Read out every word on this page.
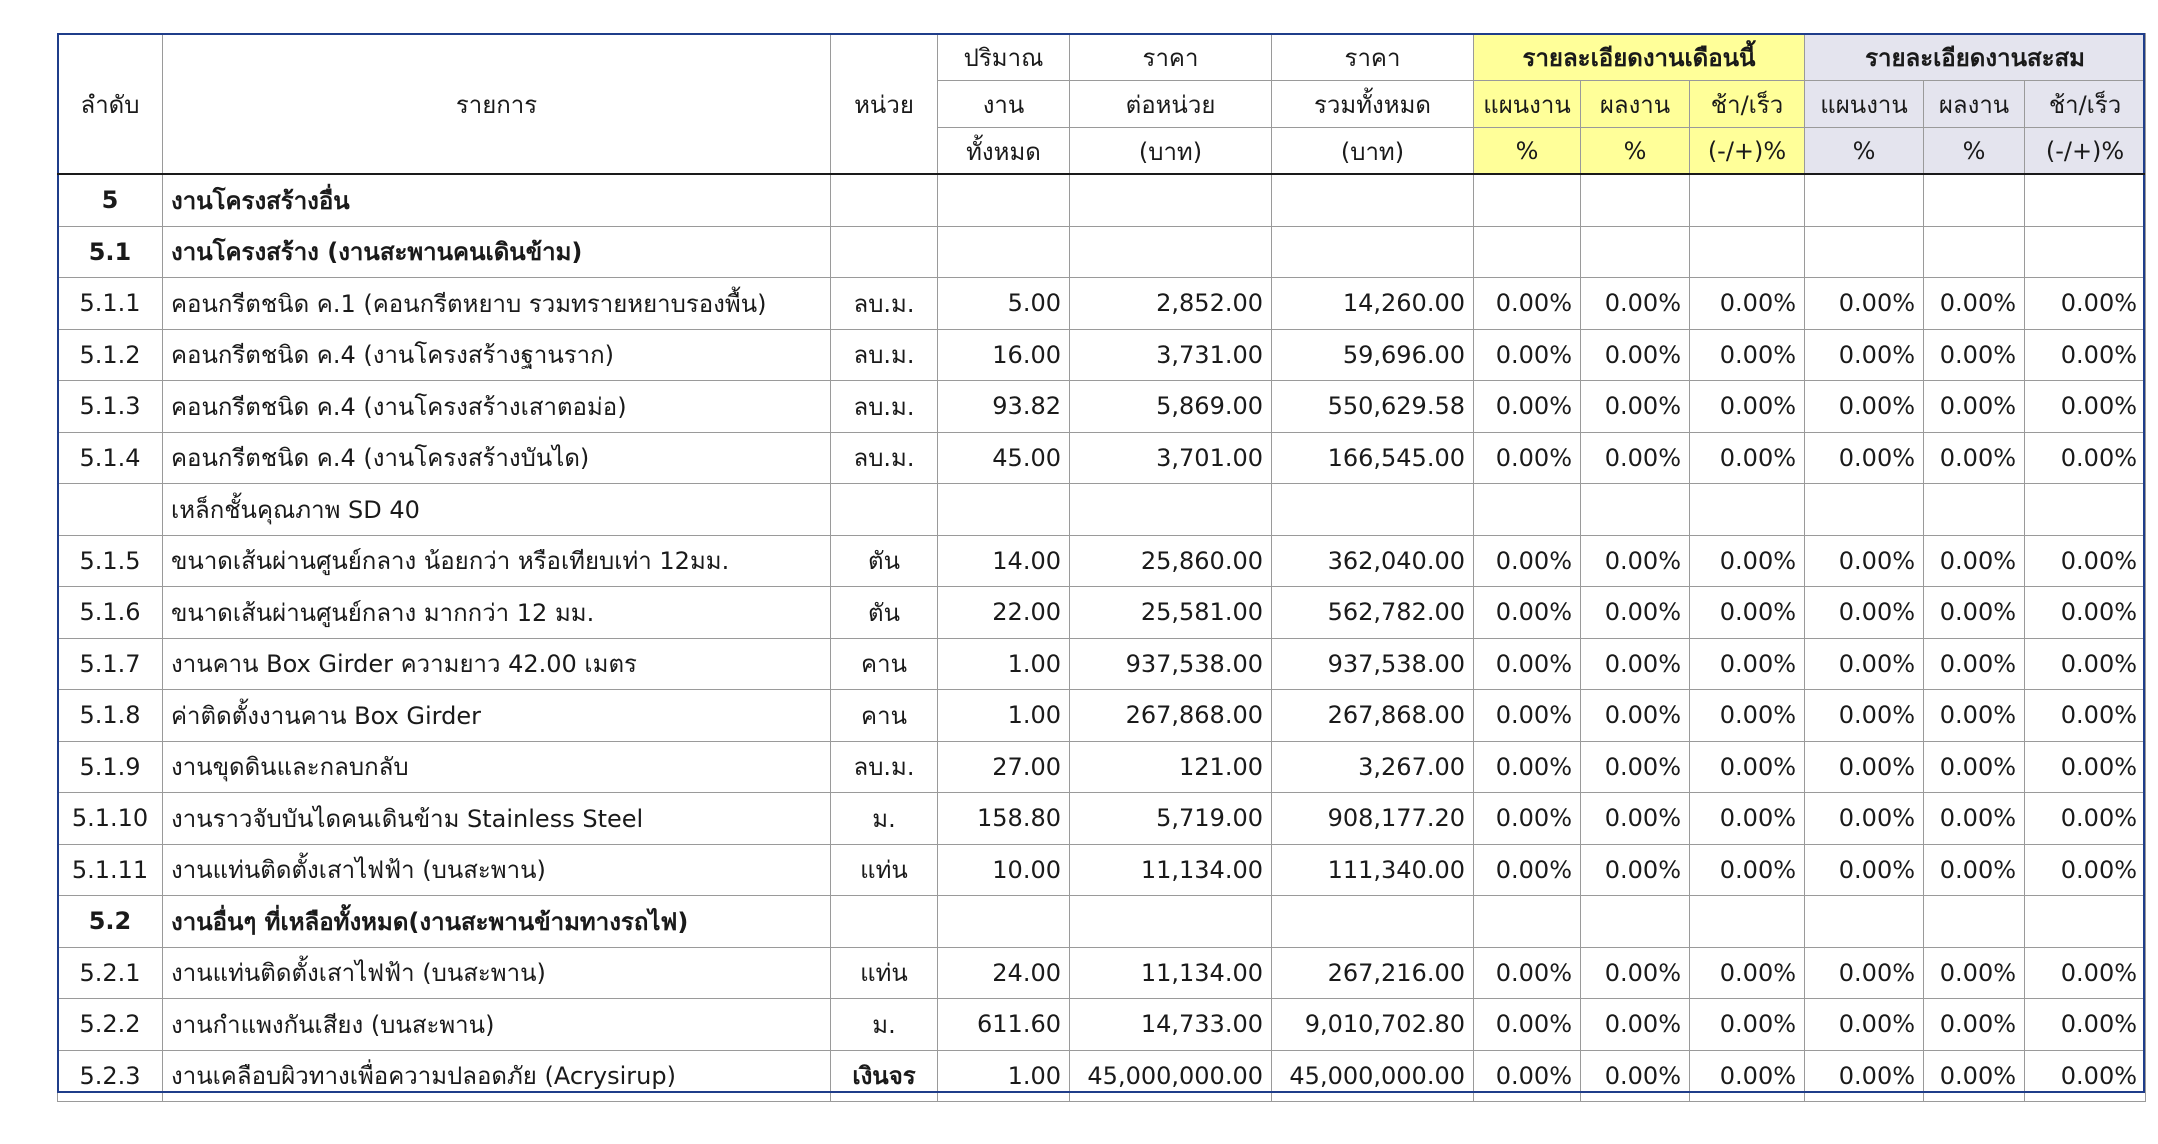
ลำดับ	รายการ	หน่วย	ปริมาณ	ราคา	ราคา	รายละเอียดงานเดือนนี้			รายละเอียดงานสะสม		
			งาน	ต่อหน่วย	รวมทั้งหมด	แผนงาน	ผลงาน	ช้า/เร็ว	แผนงาน	ผลงาน	ช้า/เร็ว
			ทั้งหมด	(บาท)	(บาท)	%	%	(-/+)%	%	%	(-/+)%
5	งานโครงสร้างอื่น										
5.1	งานโครงสร้าง (งานสะพานคนเดินข้าม)										
5.1.1	คอนกรีตชนิด ค.1 (คอนกรีตหยาบ รวมทรายหยาบรองพื้น)	ลบ.ม.	5.00	2,852.00	14,260.00	0.00%	0.00%	0.00%	0.00%	0.00%	0.00%
5.1.2	คอนกรีตชนิด ค.4 (งานโครงสร้างฐานราก)	ลบ.ม.	16.00	3,731.00	59,696.00	0.00%	0.00%	0.00%	0.00%	0.00%	0.00%
5.1.3	คอนกรีตชนิด ค.4 (งานโครงสร้างเสาตอม่อ)	ลบ.ม.	93.82	5,869.00	550,629.58	0.00%	0.00%	0.00%	0.00%	0.00%	0.00%
5.1.4	คอนกรีตชนิด ค.4 (งานโครงสร้างบันได)	ลบ.ม.	45.00	3,701.00	166,545.00	0.00%	0.00%	0.00%	0.00%	0.00%	0.00%
	เหล็กชั้นคุณภาพ SD 40										
5.1.5	ขนาดเส้นผ่านศูนย์กลาง น้อยกว่า หรือเทียบเท่า 12มม.	ตัน	14.00	25,860.00	362,040.00	0.00%	0.00%	0.00%	0.00%	0.00%	0.00%
5.1.6	ขนาดเส้นผ่านศูนย์กลาง มากกว่า 12 มม.	ตัน	22.00	25,581.00	562,782.00	0.00%	0.00%	0.00%	0.00%	0.00%	0.00%
5.1.7	งานคาน Box Girder ความยาว 42.00 เมตร	คาน	1.00	937,538.00	937,538.00	0.00%	0.00%	0.00%	0.00%	0.00%	0.00%
5.1.8	ค่าติดตั้งงานคาน Box Girder	คาน	1.00	267,868.00	267,868.00	0.00%	0.00%	0.00%	0.00%	0.00%	0.00%
5.1.9	งานขุดดินและกลบกลับ	ลบ.ม.	27.00	121.00	3,267.00	0.00%	0.00%	0.00%	0.00%	0.00%	0.00%
5.1.10	งานราวจับบันไดคนเดินข้าม Stainless Steel	ม.	158.80	5,719.00	908,177.20	0.00%	0.00%	0.00%	0.00%	0.00%	0.00%
5.1.11	งานแท่นติดตั้งเสาไฟฟ้า (บนสะพาน)	แท่น	10.00	11,134.00	111,340.00	0.00%	0.00%	0.00%	0.00%	0.00%	0.00%
5.2	งานอื่นๆ ที่เหลือทั้งหมด(งานสะพานข้ามทางรถไฟ)										
5.2.1	งานแท่นติดตั้งเสาไฟฟ้า (บนสะพาน)	แท่น	24.00	11,134.00	267,216.00	0.00%	0.00%	0.00%	0.00%	0.00%	0.00%
5.2.2	งานกำแพงกันเสียง (บนสะพาน)	ม.	611.60	14,733.00	9,010,702.80	0.00%	0.00%	0.00%	0.00%	0.00%	0.00%
5.2.3	งานเคลือบผิวทางเพื่อความปลอดภัย (Acrysirup)	เงินจร	1.00	45,000,000.00	45,000,000.00	0.00%	0.00%	0.00%	0.00%	0.00%	0.00%
